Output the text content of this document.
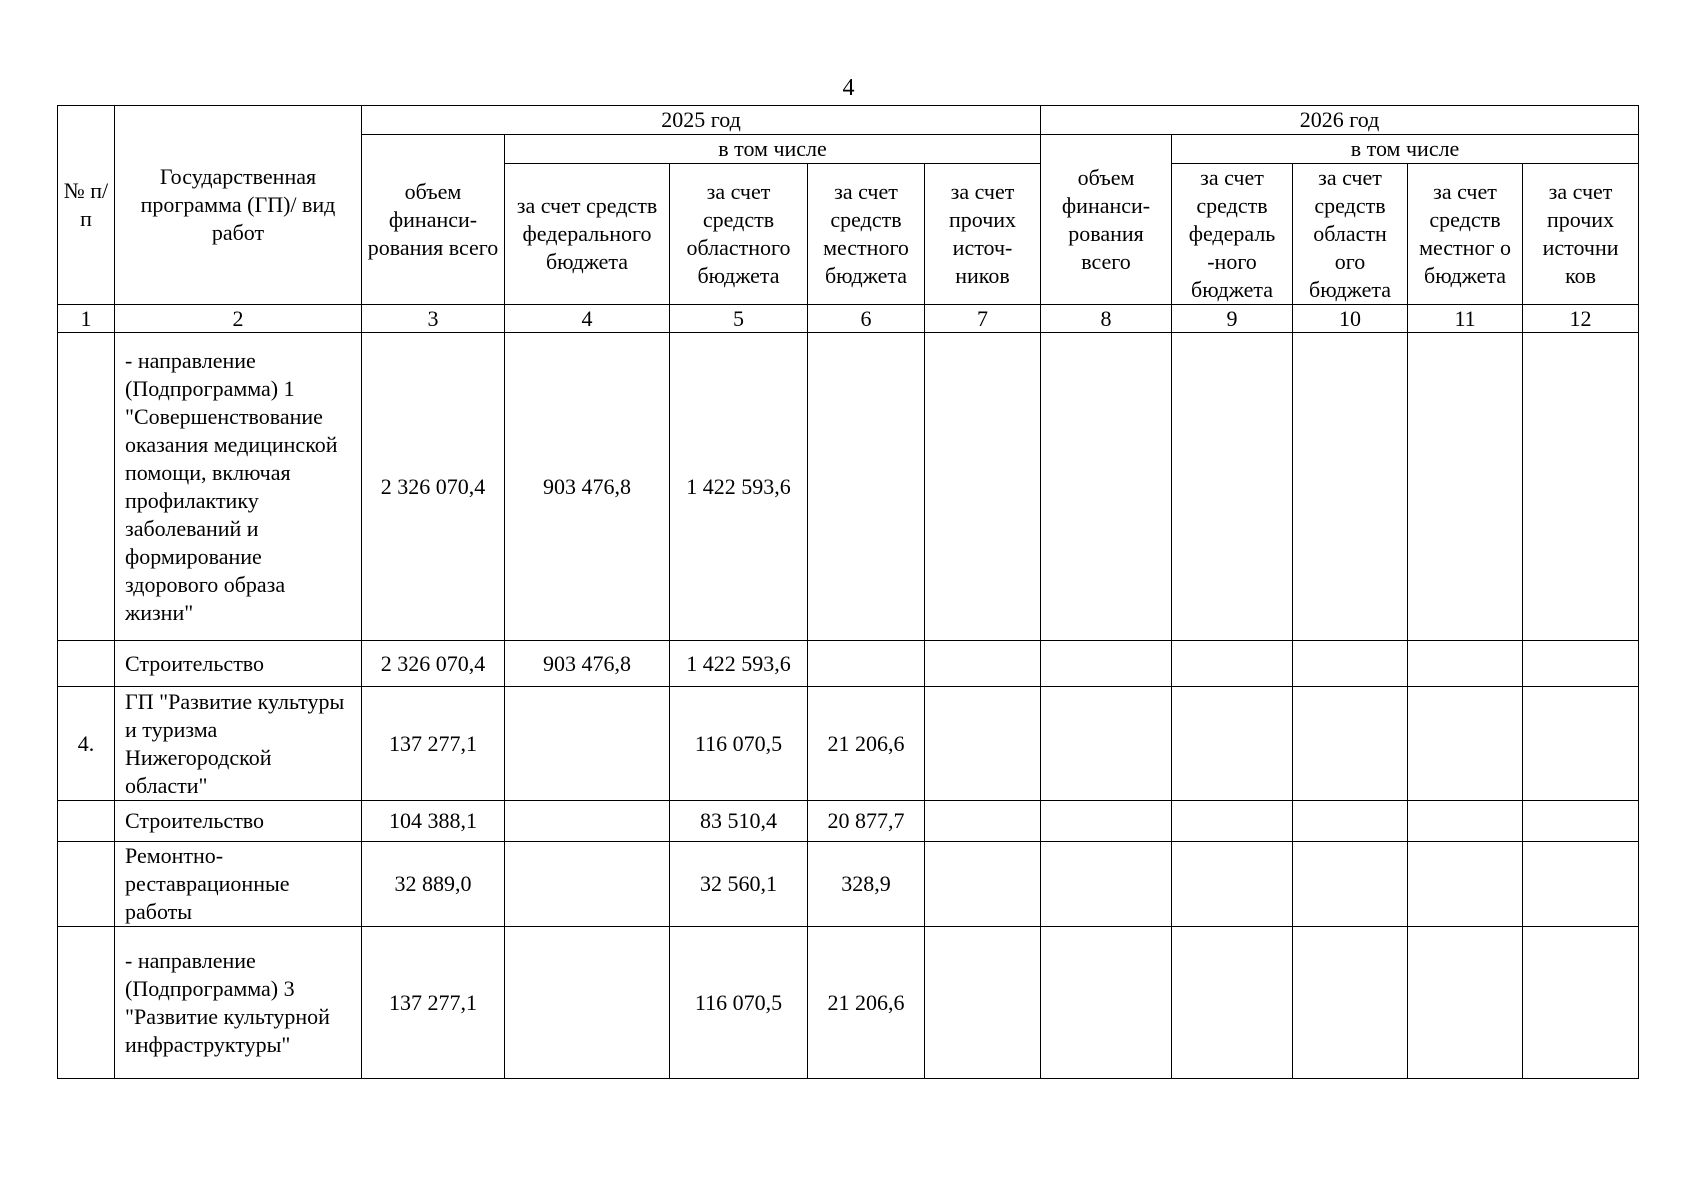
4
№ п/п	Государственная программа (ГП)/ вид работ	2025 год					2026 год				
		объем финанси-рования всего	в том числе				объем финанси-рования всего	в том числе			
			за счет средств федерального бюджета	за счет средств областного бюджета	за счет средств местного бюджета	за счет прочих источ-ников		за счет средств федераль -ного бюджета	за счет средств областн ого бюджета	за счет средств местног о бюджета	за счет прочих источни ков
1	2	3	4	5	6	7	8	9	10	11	12
	- направление (Подпрограмма) 1 "Совершенствование оказания медицинской помощи, включая профилактику заболеваний и формирование здорового образа жизни"	2 326 070,4	903 476,8	1 422 593,6							
	Строительство	2 326 070,4	903 476,8	1 422 593,6							
4.	ГП "Развитие культуры и туризма Нижегородской области"	137 277,1		116 070,5	21 206,6						
	Строительство	104 388,1		83 510,4	20 877,7						
	Ремонтно-реставрационные работы	32 889,0		32 560,1	328,9						
	- направление (Подпрограмма) 3 "Развитие культурной инфраструктуры"	137 277,1		116 070,5	21 206,6						
